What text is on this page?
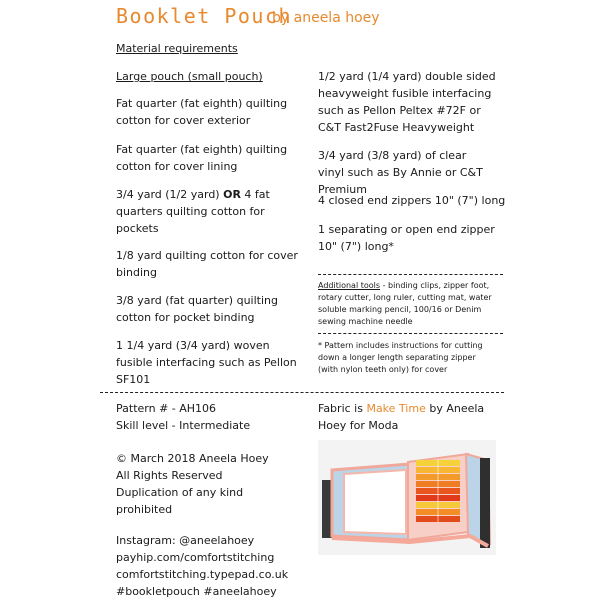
Booklet Pouch
by aneela hoey
Material requirements
Large pouch (small pouch)
Fat quarter (fat eighth) quilting cotton for cover exterior
Fat quarter (fat eighth) quilting cotton for cover lining
3/4 yard (1/2 yard) OR 4 fat quarters quilting cotton for pockets
1/8 yard quilting cotton for cover binding
3/8 yard (fat quarter) quilting cotton for pocket binding
1 1/4 yard (3/4 yard) woven fusible interfacing such as Pellon SF101
1/2 yard (1/4 yard) double sided heavyweight fusible interfacing such as Pellon Peltex #72F or C&T Fast2Fuse Heavyweight
3/4 yard (3/8 yard) of clear vinyl such as By Annie or C&T Premium
4 closed end zippers 10" (7") long
1 separating or open end zipper 10" (7") long*
Additional tools - binding clips, zipper foot, rotary cutter, long ruler, cutting mat, water soluble marking pencil, 100/16 or Denim sewing machine needle
* Pattern includes instructions for cutting down a longer length separating zipper (with nylon teeth only) for cover
Pattern # - AH106
Skill level - Intermediate
© March 2018 Aneela Hoey
All Rights Reserved
Duplication of any kind
prohibited
Instagram: @aneelahoey
payhip.com/comfortstitching
comfortstitching.typepad.co.uk
#bookletpouch #aneelahoey
Fabric is Make Time by Aneela
Hoey for Moda
